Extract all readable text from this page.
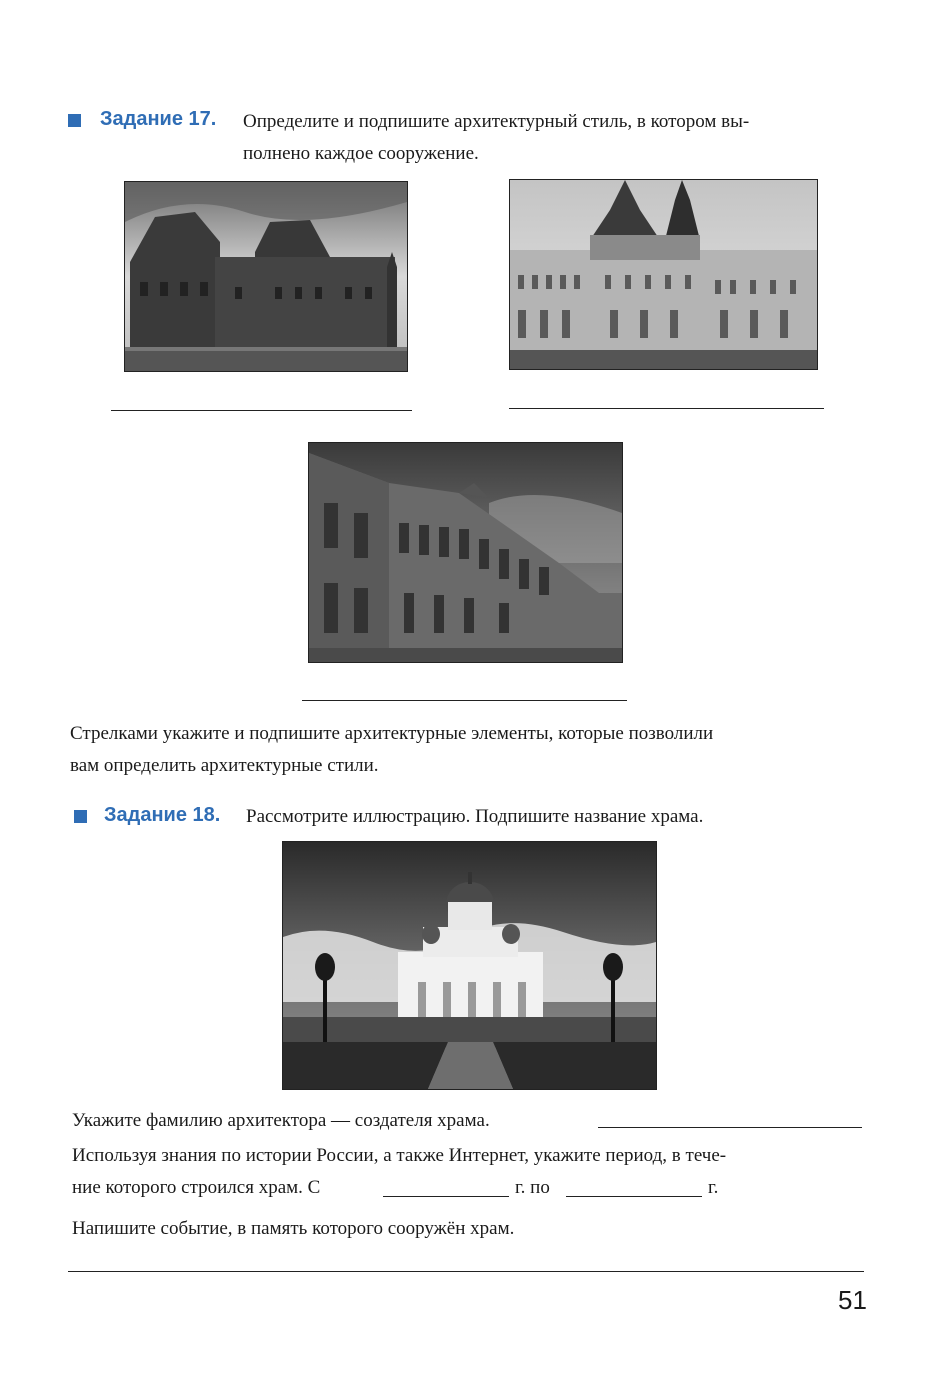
Задание 17. Определите и подпишите архитектурный стиль, в котором вы-
полнено каждое сооружение.
Стрелками укажите и подпишите архитектурные элементы, которые позволили
вам определить архитектурные стили.
Задание 18. Рассмотрите иллюстрацию. Подпишите название храма.
Укажите фамилию архитектора — создателя храма.
Используя знания по истории России, а также Интернет, укажите период, в тече-
ние которого строился храм. С	г. по	г.
Напишите событие, в память которого сооружён храм.
51
